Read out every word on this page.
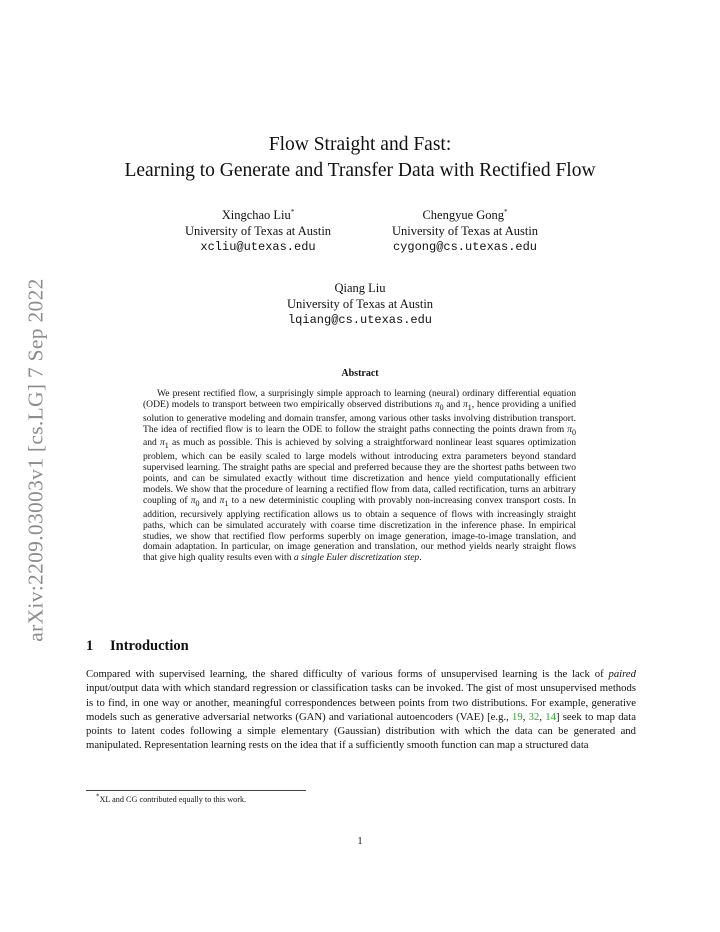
arXiv:2209.03003v1 [cs.LG] 7 Sep 2022
Flow Straight and Fast:
Learning to Generate and Transfer Data with Rectified Flow
Xingchao Liu*
University of Texas at Austin
xcliu@utexas.edu
Chengyue Gong*
University of Texas at Austin
cygong@cs.utexas.edu
Qiang Liu
University of Texas at Austin
lqiang@cs.utexas.edu
Abstract
We present rectified flow, a surprisingly simple approach to learning (neural) ordinary differential equation (ODE) models to transport between two empirically observed distributions $\pi_0$ and $\pi_1$, hence providing a unified solution to generative modeling and domain transfer, among various other tasks involving distribution transport. The idea of rectified flow is to learn the ODE to follow the straight paths connecting the points drawn from $\pi_0$ and $\pi_1$ as much as possible. This is achieved by solving a straightforward nonlinear least squares optimization problem, which can be easily scaled to large models without introducing extra parameters beyond standard supervised learning. The straight paths are special and preferred because they are the shortest paths between two points, and can be simulated exactly without time discretization and hence yield computationally efficient models. We show that the procedure of learning a rectified flow from data, called rectification, turns an arbitrary coupling of $\pi_0$ and $\pi_1$ to a new deterministic coupling with provably non-increasing convex transport costs. In addition, recursively applying rectification allows us to obtain a sequence of flows with increasingly straight paths, which can be simulated accurately with coarse time discretization in the inference phase. In empirical studies, we show that rectified flow performs superbly on image generation, image-to-image translation, and domain adaptation. In particular, on image generation and translation, our method yields nearly straight flows that give high quality results even with a single Euler discretization step.
1 Introduction
Compared with supervised learning, the shared difficulty of various forms of unsupervised learning is the lack of paired input/output data with which standard regression or classification tasks can be invoked. The gist of most unsupervised methods is to find, in one way or another, meaningful correspondences between points from two distributions. For example, generative models such as generative adversarial networks (GAN) and variational autoencoders (VAE) [e.g., 19, 32, 14] seek to map data points to latent codes following a simple elementary (Gaussian) distribution with which the data can be generated and manipulated. Representation learning rests on the idea that if a sufficiently smooth function can map a structured data
*XL and CG contributed equally to this work.
1
